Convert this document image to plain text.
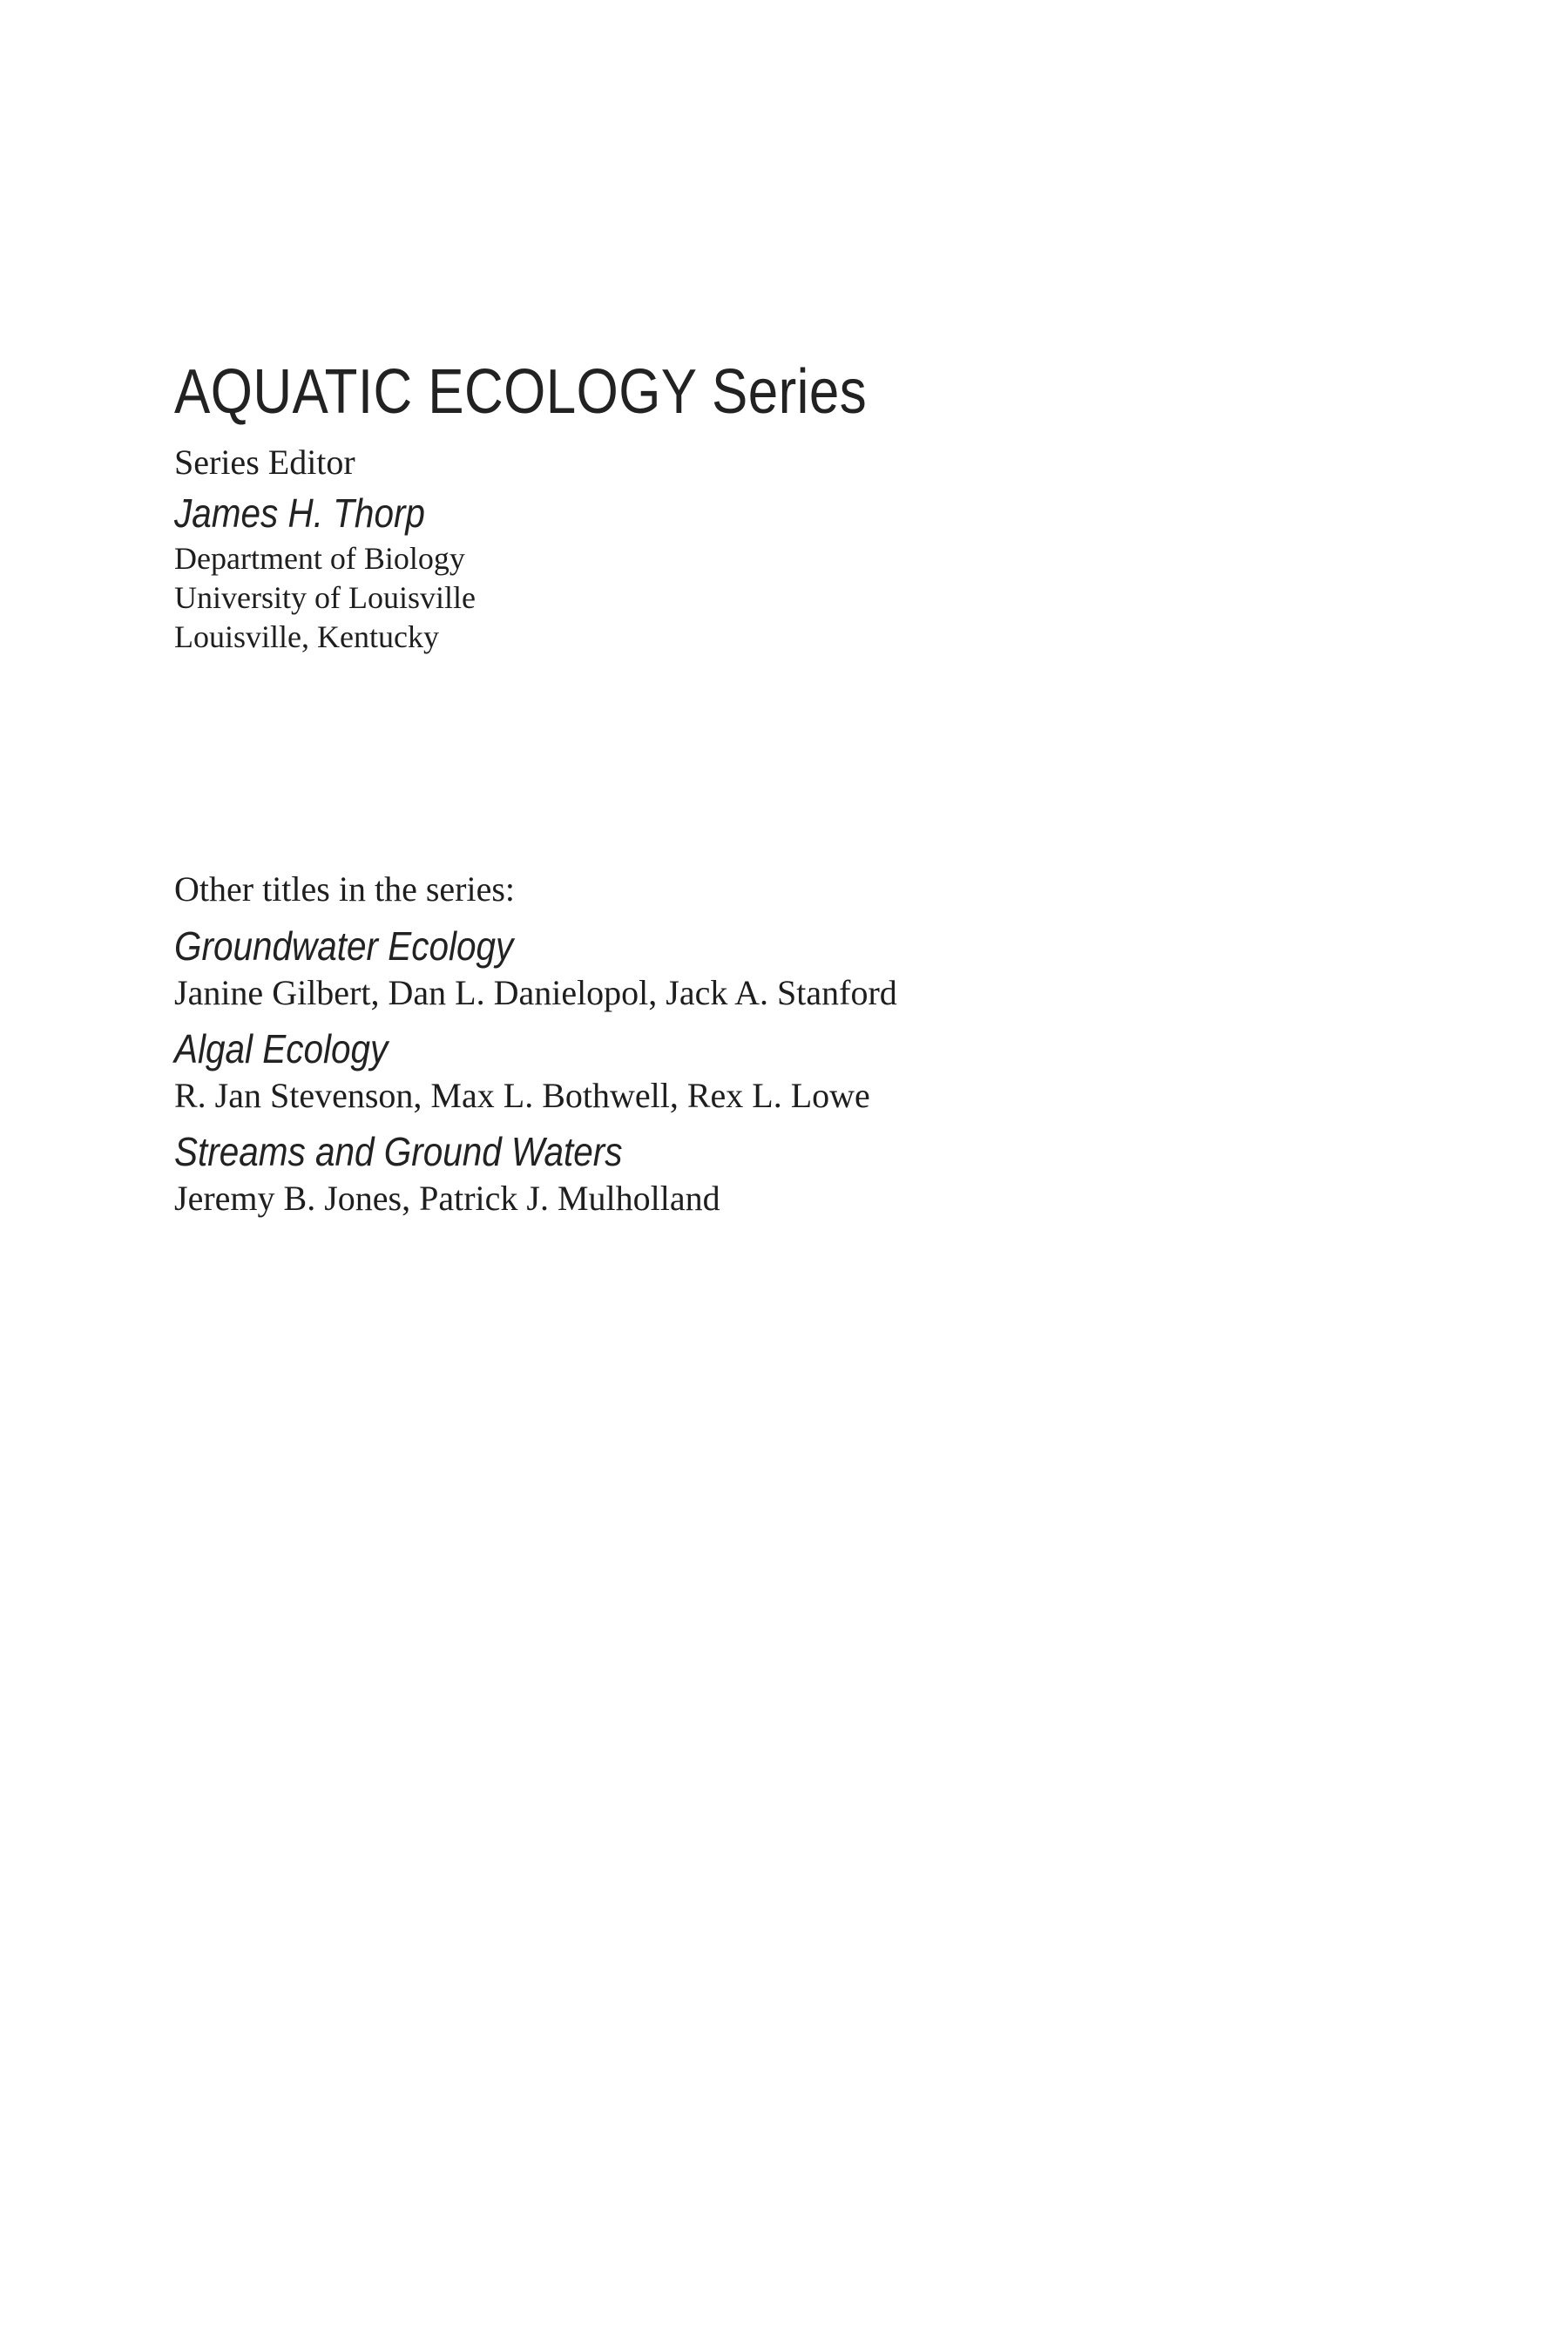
AQUATIC ECOLOGY Series
Series Editor
James H. Thorp
Department of Biology
University of Louisville
Louisville, Kentucky
Other titles in the series:
Groundwater Ecology
Janine Gilbert, Dan L. Danielopol, Jack A. Stanford
Algal Ecology
R. Jan Stevenson, Max L. Bothwell, Rex L. Lowe
Streams and Ground Waters
Jeremy B. Jones, Patrick J. Mulholland
